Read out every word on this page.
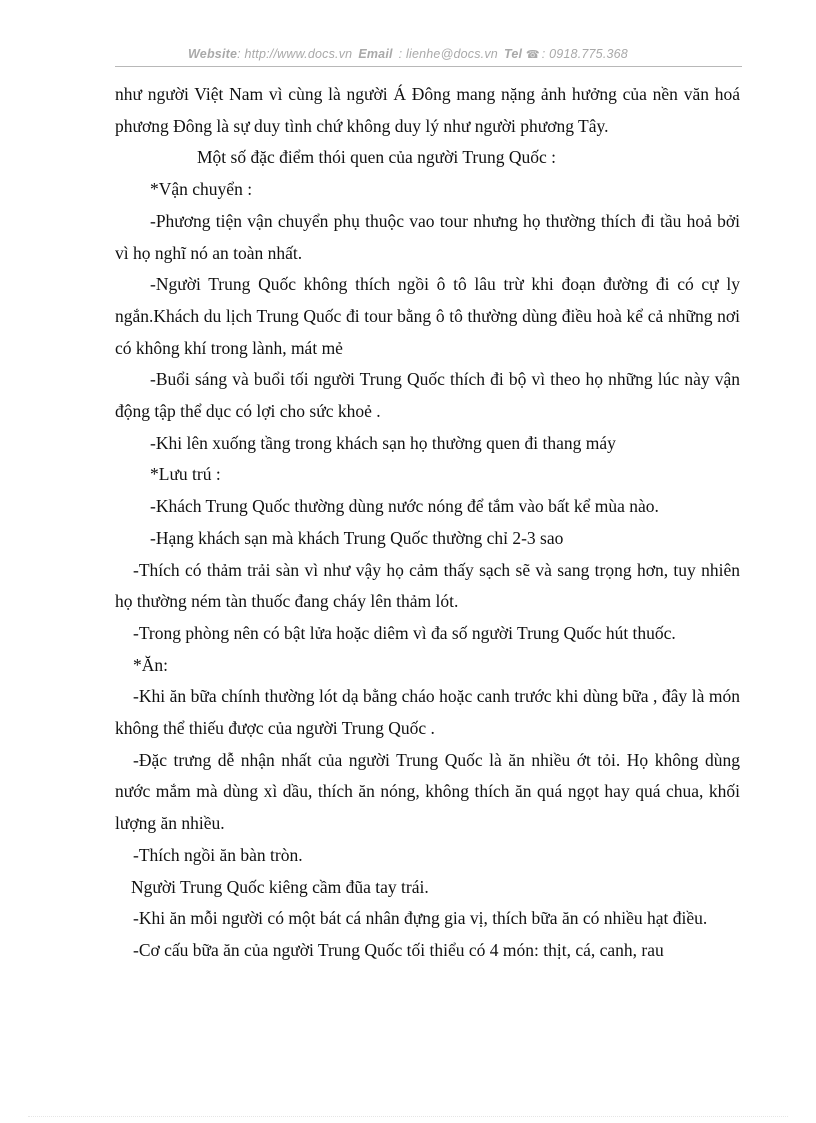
Website: http://www.docs.vn Email : lienhe@docs.vn Tel ☎ : 0918.775.368

như người Việt Nam vì cùng là người Á Đông mang nặng ảnh hưởng của nền văn hoá phương Đông là sự duy tình chứ không duy lý như người phương Tây.

Một số đặc điểm thói quen của người Trung Quốc :

*Vận chuyển :

-Phương tiện vận chuyển phụ thuộc vao tour nhưng họ thường thích đi tầu hoả bởi vì họ nghĩ nó an toàn nhất.

-Người Trung Quốc không thích ngồi ô tô lâu trừ khi đoạn đường đi có cự ly ngắn.Khách du lịch Trung Quốc đi tour bằng ô tô thường dùng điều hoà kể cả những nơi có không khí trong lành, mát mẻ

-Buổi sáng và buổi tối người Trung Quốc thích đi bộ vì theo họ những lúc này vận động tập thể dục có lợi cho sức khoẻ .

-Khi lên xuống tầng trong khách sạn họ thường quen đi thang máy

*Lưu trú :

-Khách Trung Quốc thường dùng nước nóng để tắm vào bất kể mùa nào.

-Hạng khách sạn mà khách Trung Quốc thường chỉ 2-3 sao

-Thích có thảm trải sàn vì như vậy họ cảm thấy sạch sẽ và sang trọng hơn, tuy nhiên họ thường ném tàn thuốc đang cháy lên thảm lót.

-Trong phòng nên có bật lửa hoặc diêm vì đa số người Trung Quốc hút thuốc.

*Ăn:

-Khi ăn bữa chính thường lót dạ bằng cháo hoặc canh trước khi dùng bữa , đây là món không thể thiếu được của người Trung Quốc .

-Đặc trưng dễ nhận nhất của người Trung Quốc là ăn nhiều ớt tỏi. Họ không dùng nước mắm mà dùng xì dầu, thích ăn nóng, không thích ăn quá ngọt hay quá chua, khối lượng ăn nhiều.

-Thích ngồi ăn bàn tròn.

Người Trung Quốc kiêng cầm đũa tay trái.

-Khi ăn mỗi người có một bát cá nhân đựng gia vị, thích bữa ăn có nhiều hạt điều.

-Cơ cấu bữa ăn của người Trung Quốc tối thiểu có 4 món: thịt, cá, canh, rau
